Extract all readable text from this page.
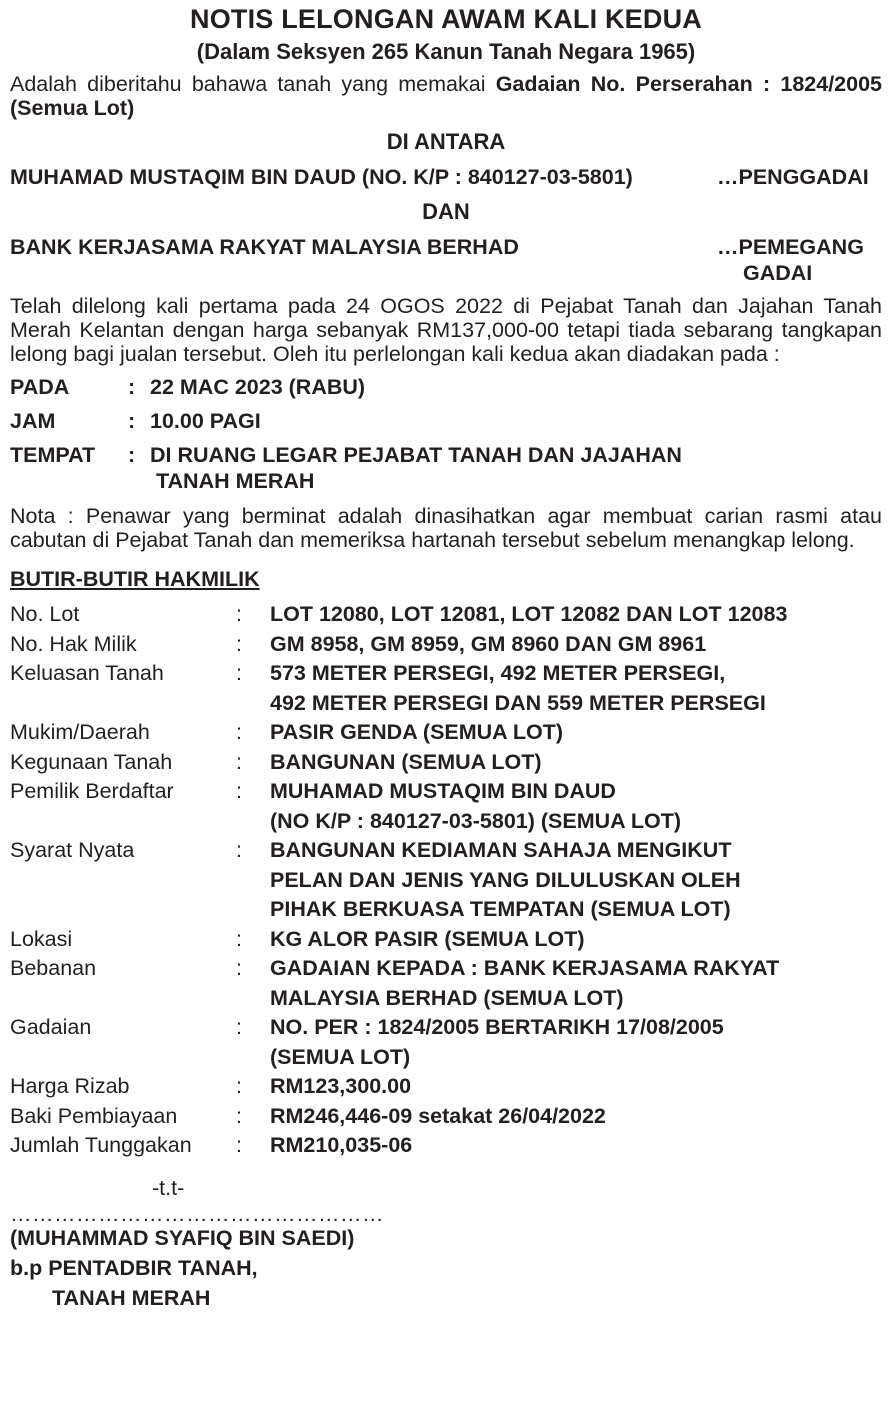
NOTIS LELONGAN AWAM KALI KEDUA
(Dalam Seksyen 265 Kanun Tanah Negara 1965)

Adalah diberitahu bahawa tanah yang memakai Gadaian No. Perserahan : 1824/2005 (Semua Lot)

DI ANTARA
MUHAMAD MUSTAQIM BIN DAUD (NO. K/P : 840127-03-5801)	…PENGGADAI
DAN
BANK KERJASAMA RAKYAT MALAYSIA BERHAD	…PEMEGANG
GADAI

Telah dilelong kali pertama pada 24 OGOS 2022 di Pejabat Tanah dan Jajahan Tanah Merah Kelantan dengan harga sebanyak RM137,000-00 tetapi tiada sebarang tangkapan lelong bagi jualan tersebut. Oleh itu perlelongan kali kedua akan diadakan pada :

PADA	: 22 MAC 2023 (RABU)
JAM	: 10.00 PAGI
TEMPAT	: DI RUANG LEGAR PEJABAT TANAH DAN JAJAHAN
TANAH MERAH

Nota : Penawar yang berminat adalah dinasihatkan agar membuat carian rasmi atau cabutan di Pejabat Tanah dan memeriksa hartanah tersebut sebelum menangkap lelong.

BUTIR-BUTIR HAKMILIK
No. Lot	:	LOT 12080, LOT 12081, LOT 12082 DAN LOT 12083
No. Hak Milik	:	GM 8958, GM 8959, GM 8960 DAN GM 8961
Keluasan Tanah	:	573 METER PERSEGI, 492 METER PERSEGI,
492 METER PERSEGI DAN 559 METER PERSEGI
Mukim/Daerah	:	PASIR GENDA (SEMUA LOT)
Kegunaan Tanah	:	BANGUNAN (SEMUA LOT)
Pemilik Berdaftar	:	MUHAMAD MUSTAQIM BIN DAUD
(NO K/P : 840127-03-5801) (SEMUA LOT)
Syarat Nyata	:	BANGUNAN KEDIAMAN SAHAJA MENGIKUT
PELAN DAN JENIS YANG DILULUSKAN OLEH
PIHAK BERKUASA TEMPATAN (SEMUA LOT)
Lokasi	:	KG ALOR PASIR (SEMUA LOT)
Bebanan	:	GADAIAN KEPADA : BANK KERJASAMA RAKYAT
MALAYSIA BERHAD (SEMUA LOT)
Gadaian	:	NO. PER : 1824/2005 BERTARIKH 17/08/2005
(SEMUA LOT)
Harga Rizab	:	RM123,300.00
Baki Pembiayaan	:	RM246,446-09 setakat 26/04/2022
Jumlah Tunggakan	:	RM210,035-06
-t.t-
……………………………………………
(MUHAMMAD SYAFIQ BIN SAEDI)
b.p PENTADBIR TANAH,
TANAH MERAH
